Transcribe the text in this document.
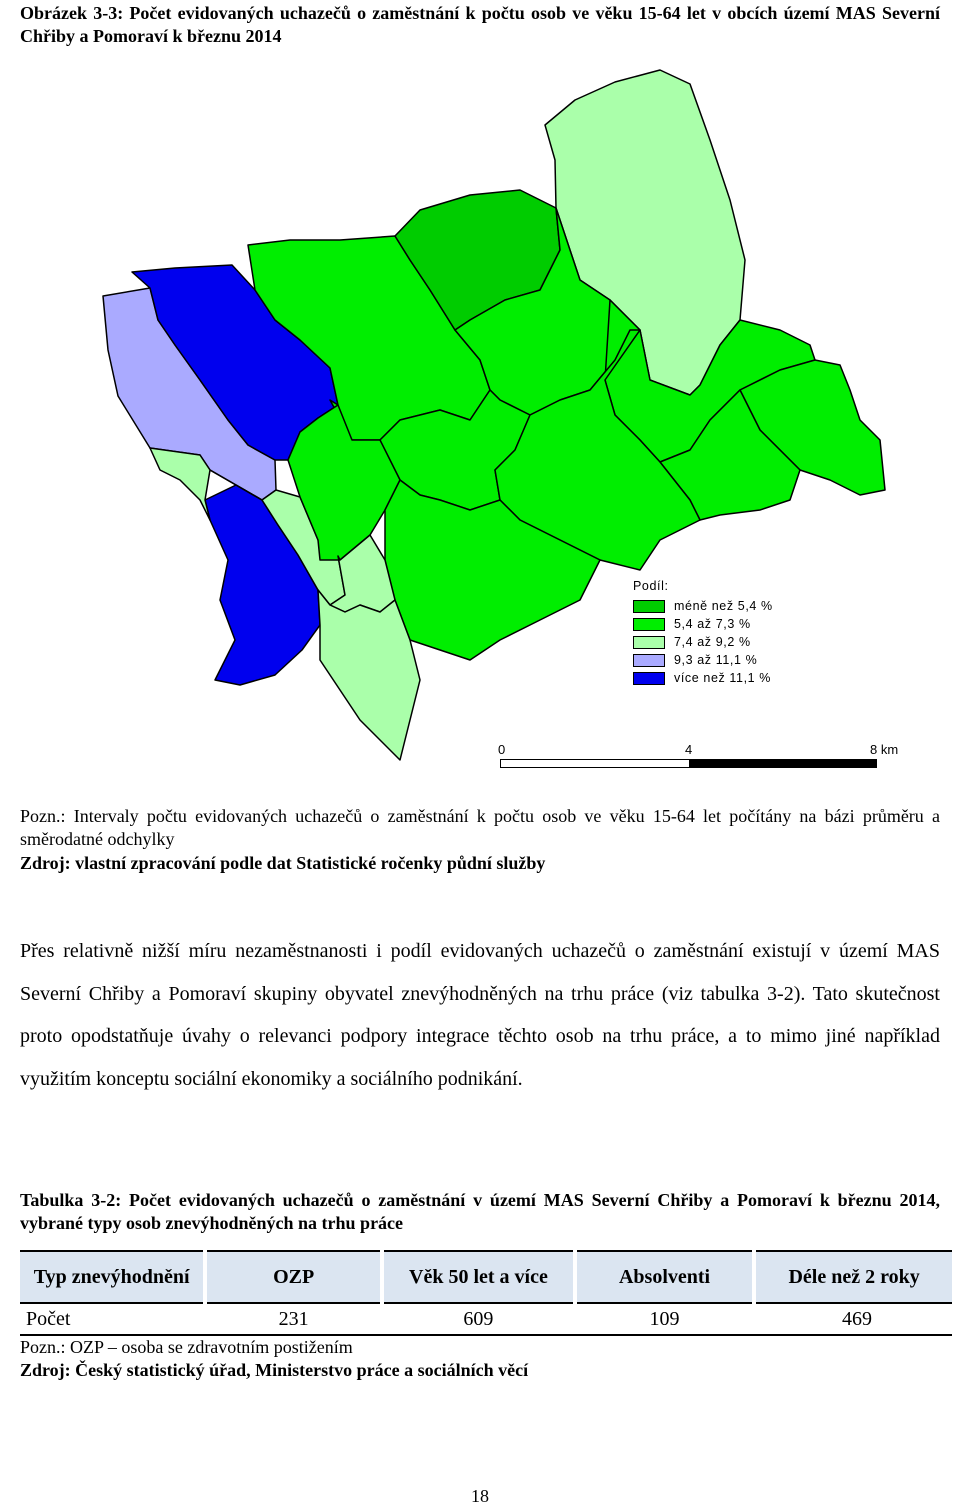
Obrázek 3-3: Počet evidovaných uchazečů o zaměstnání k počtu osob ve věku 15-64 let v obcích území MAS Severní Chřiby a Pomoraví k březnu 2014
Podíl:
méně než 5,4 %
5,4 až 7,3 %
7,4 až 9,2 %
9,3 až 11,1 %
více než 11,1 %
0	4	8 km
Pozn.: Intervaly počtu evidovaných uchazečů o zaměstnání k počtu osob ve věku 15-64 let počítány na bázi průměru a směrodatné odchylky
Zdroj: vlastní zpracování podle dat Statistické ročenky půdní služby

Přes relativně nižší míru nezaměstnanosti i podíl evidovaných uchazečů o zaměstnání existují v území MAS Severní Chřiby a Pomoraví skupiny obyvatel znevýhodněných na trhu práce (viz tabulka 3-2). Tato skutečnost proto opodstatňuje úvahy o relevanci podpory integrace těchto osob na trhu práce, a to mimo jiné například využitím konceptu sociální ekonomiky a sociálního podnikání.

Tabulka 3-2: Počet evidovaných uchazečů o zaměstnání v území MAS Severní Chřiby a Pomoraví k březnu 2014, vybrané typy osob znevýhodněných na trhu práce
Typ znevýhodnění	OZP	Věk 50 let a více	Absolventi	Déle než 2 roky
Počet	231	609	109	469
Pozn.: OZP – osoba se zdravotním postižením
Zdroj: Český statistický úřad, Ministerstvo práce a sociálních věcí
18
